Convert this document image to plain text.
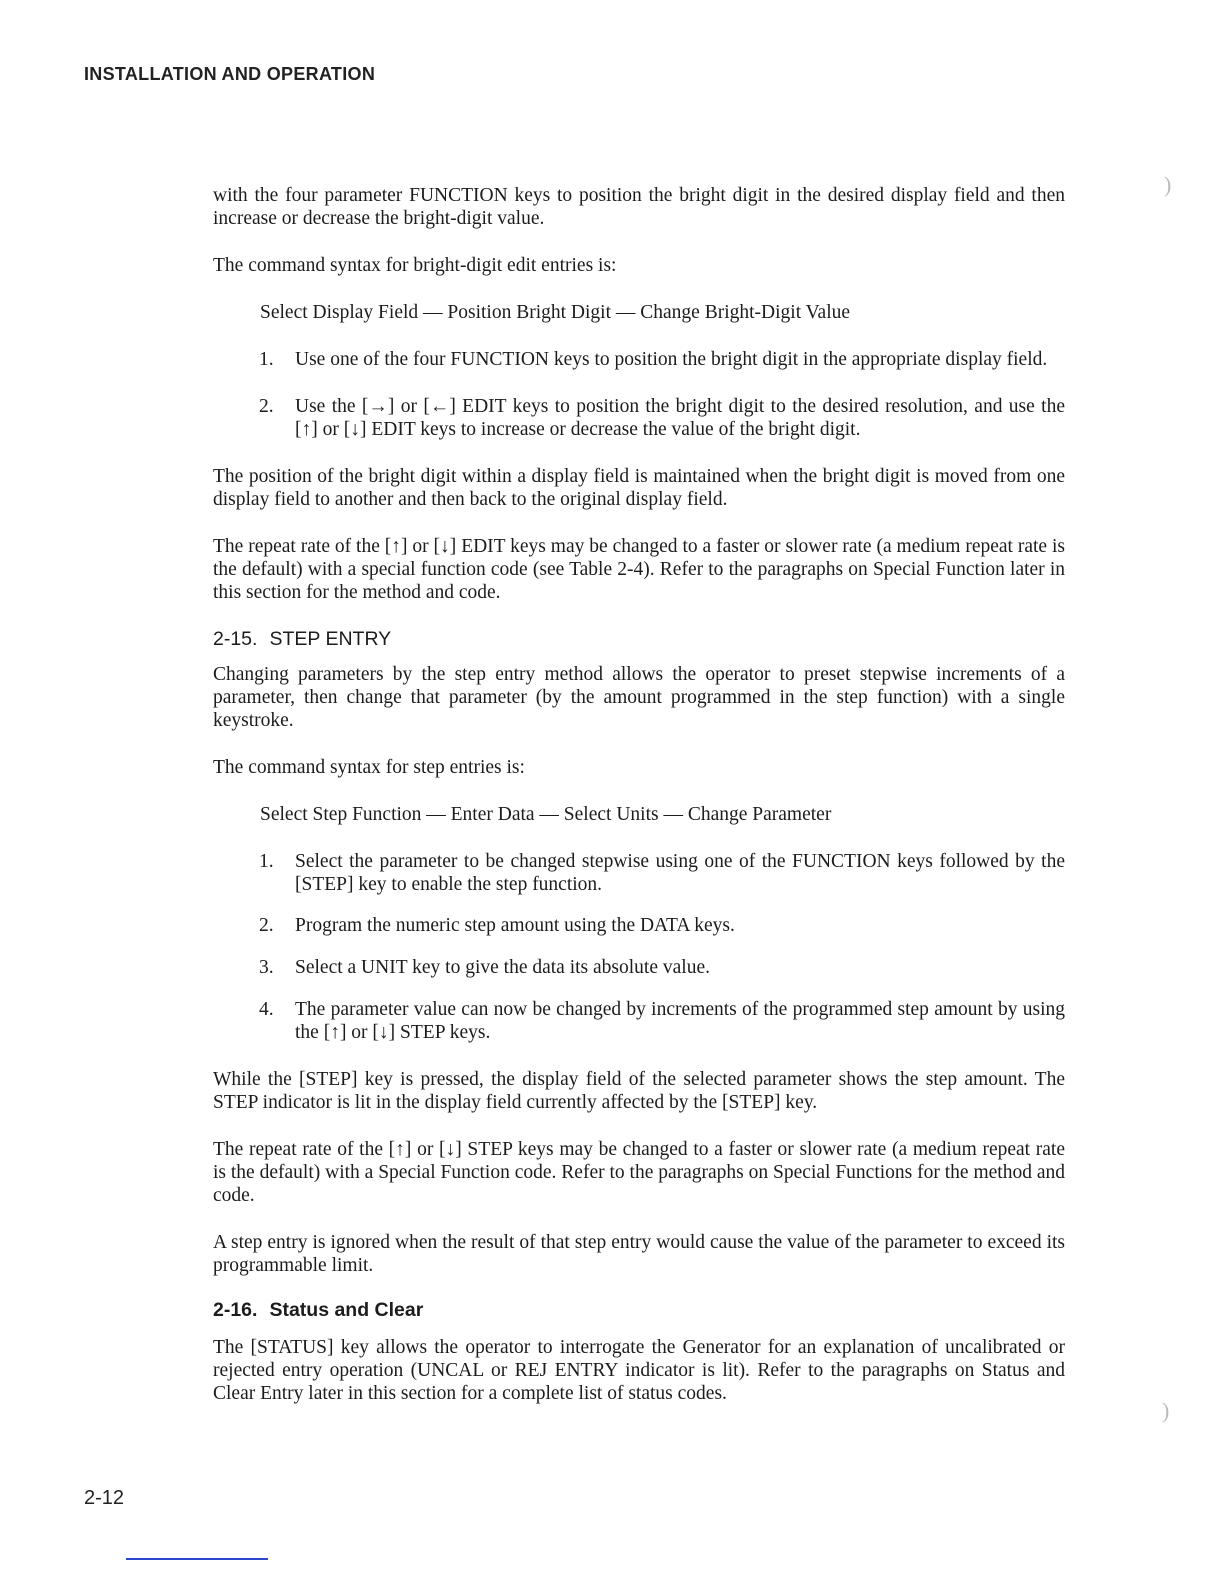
INSTALLATION AND OPERATION

with the four parameter FUNCTION keys to position the bright digit in the desired display field and then increase or decrease the bright-digit value.

The command syntax for bright-digit edit entries is:

Select Display Field — Position Bright Digit — Change Bright-Digit Value

1. Use one of the four FUNCTION keys to position the bright digit in the appropriate display field.
2. Use the [→] or [←] EDIT keys to position the bright digit to the desired resolution, and use the [↑] or [↓] EDIT keys to increase or decrease the value of the bright digit.

The position of the bright digit within a display field is maintained when the bright digit is moved from one display field to another and then back to the original display field.

The repeat rate of the [↑] or [↓] EDIT keys may be changed to a faster or slower rate (a medium repeat rate is the default) with a special function code (see Table 2-4). Refer to the paragraphs on Special Function later in this section for the method and code.

2-15. STEP ENTRY

Changing parameters by the step entry method allows the operator to preset stepwise increments of a parameter, then change that parameter (by the amount programmed in the step function) with a single keystroke.

The command syntax for step entries is:

Select Step Function — Enter Data — Select Units — Change Parameter

1. Select the parameter to be changed stepwise using one of the FUNCTION keys followed by the [STEP] key to enable the step function.
2. Program the numeric step amount using the DATA keys.
3. Select a UNIT key to give the data its absolute value.
4. The parameter value can now be changed by increments of the programmed step amount by using the [↑] or [↓] STEP keys.

While the [STEP] key is pressed, the display field of the selected parameter shows the step amount. The STEP indicator is lit in the display field currently affected by the [STEP] key.

The repeat rate of the [↑] or [↓] STEP keys may be changed to a faster or slower rate (a medium repeat rate is the default) with a Special Function code. Refer to the paragraphs on Special Functions for the method and code.

A step entry is ignored when the result of that step entry would cause the value of the parameter to exceed its programmable limit.

2-16. Status and Clear

The [STATUS] key allows the operator to interrogate the Generator for an explanation of uncalibrated or rejected entry operation (UNCAL or REJ ENTRY indicator is lit). Refer to the paragraphs on Status and Clear Entry later in this section for a complete list of status codes.

2-12
)
)
